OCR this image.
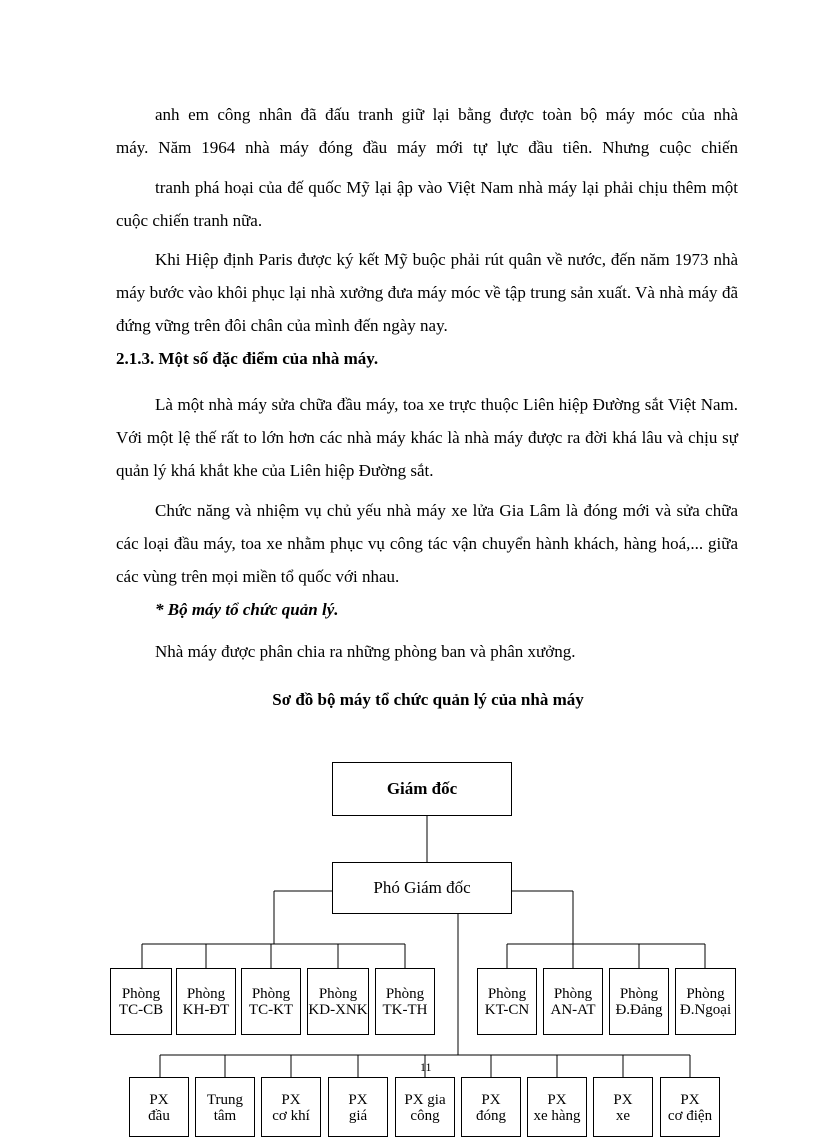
anh em công nhân đã đấu tranh giữ lại bằng được toàn bộ máy móc của nhà

máy. Năm 1964 nhà máy đóng đầu máy mới tự lực đầu tiên. Nhưng cuộc chiến

tranh phá hoại của đế quốc Mỹ lại ập vào Việt Nam nhà máy lại phải chịu thêm một cuộc chiến tranh nữa.

Khi Hiệp định Paris được ký kết Mỹ buộc phải rút quân về nước, đến năm 1973 nhà máy bước vào khôi phục lại nhà xưởng đưa máy móc về tập trung sản xuất. Và nhà máy đã đứng vững trên đôi chân của mình đến ngày nay.

2.1.3. Một số đặc điểm của nhà máy.

Là một nhà máy sửa chữa đầu máy, toa xe trực thuộc Liên hiệp Đường sắt Việt Nam. Với một lệ thế rất to lớn hơn các nhà máy khác là nhà máy được ra đời khá lâu và chịu sự quản lý khá khắt khe của Liên hiệp Đường sắt.

Chức năng và nhiệm vụ chủ yếu nhà máy xe lửa Gia Lâm là đóng mới và sửa chữa các loại đầu máy, toa xe nhằm phục vụ công tác vận chuyển hành khách, hàng hoá,... giữa các vùng trên mọi miền tổ quốc với nhau.

* Bộ máy tổ chức quản lý.

Nhà máy được phân chia ra những phòng ban và phân xưởng.

Sơ đồ bộ máy tổ chức quản lý của nhà máy

Giám đốc
Phó Giám đốc
Phòng
TC-CB
Phòng
KH-ĐT
Phòng
TC-KT
Phòng
KD-XNK
Phòng
TK-TH
Phòng
KT-CN
Phòng
AN-AT
Phòng
Đ.Đảng
Phòng
Đ.Ngoại
PX
đầu
Trung
tâm
PX
cơ khí
PX
giá
PX gia
công
PX
đóng
PX
xe hàng
PX
xe
PX
cơ điện
11
